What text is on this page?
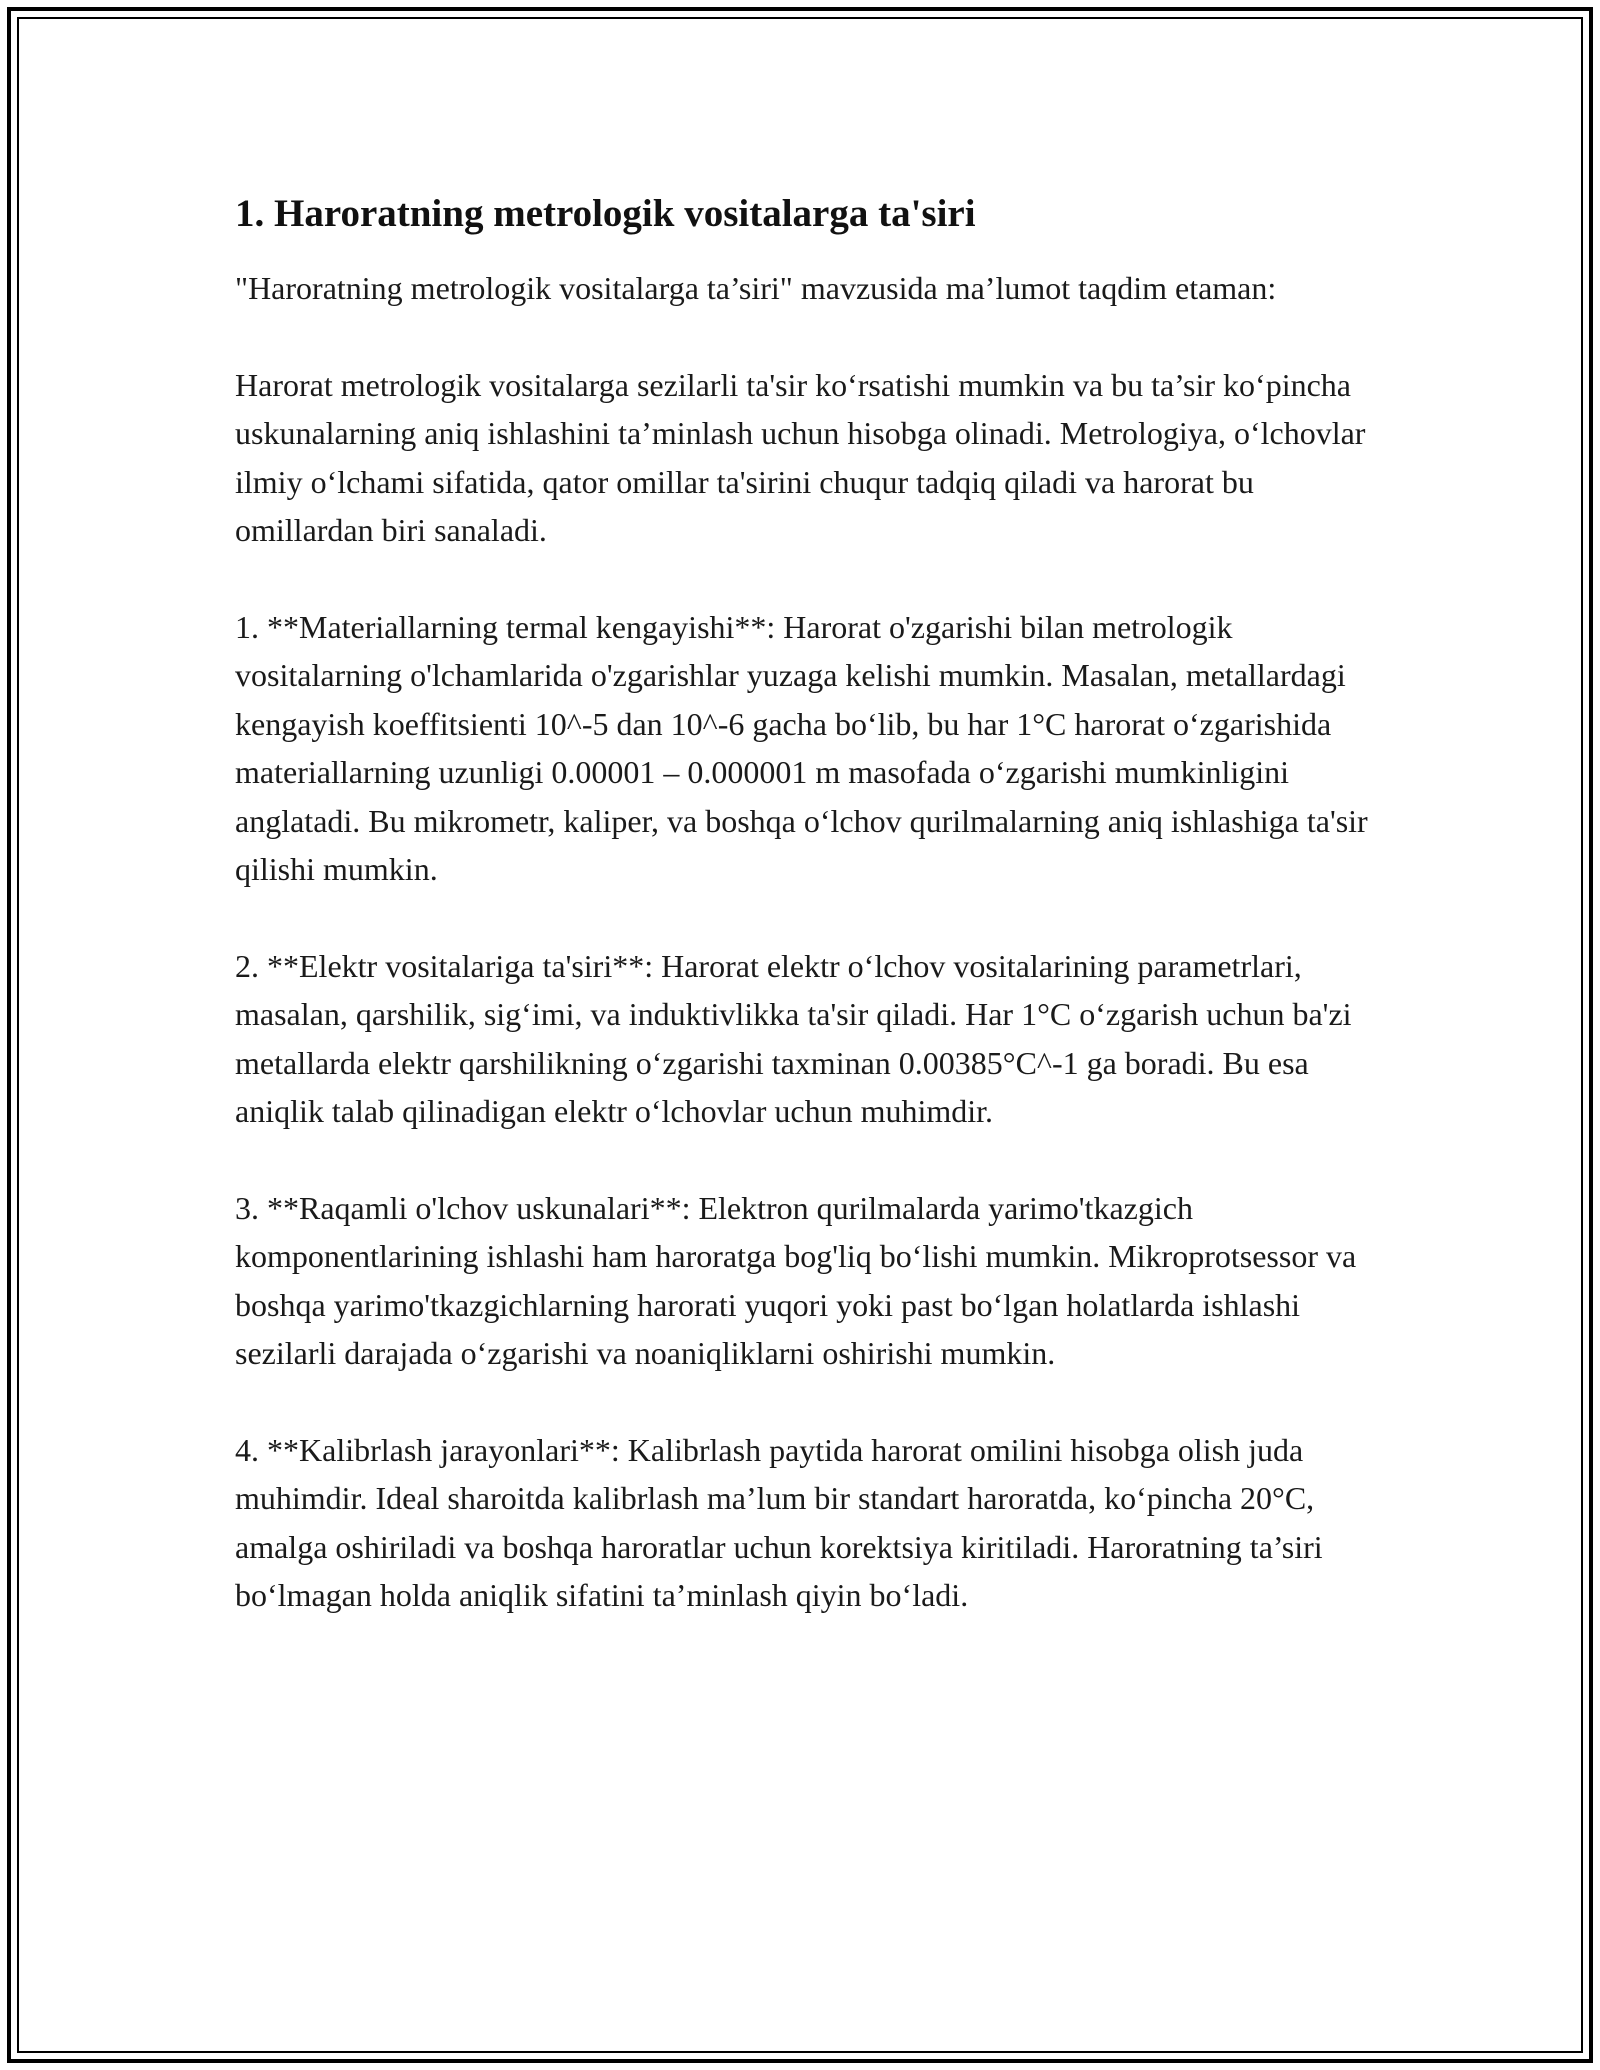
1. Haroratning metrologik vositalarga ta'siri

"Haroratning metrologik vositalarga ta’siri" mavzusida ma’lumot taqdim etaman:

Harorat metrologik vositalarga sezilarli ta'sir ko‘rsatishi mumkin va bu ta’sir ko‘pincha uskunalarning aniq ishlashini ta’minlash uchun hisobga olinadi. Metrologiya, o‘lchovlar ilmiy o‘lchami sifatida, qator omillar ta'sirini chuqur tadqiq qiladi va harorat bu omillardan biri sanaladi.

1. **Materiallarning termal kengayishi**: Harorat o'zgarishi bilan metrologik vositalarning o'lchamlarida o'zgarishlar yuzaga kelishi mumkin. Masalan, metallardagi kengayish koeffitsienti 10^-5 dan 10^-6 gacha bo‘lib, bu har 1°C harorat o‘zgarishida materiallarning uzunligi 0.00001 – 0.000001 m masofada o‘zgarishi mumkinligini anglatadi. Bu mikrometr, kaliper, va boshqa o‘lchov qurilmalarning aniq ishlashiga ta'sir qilishi mumkin.

2. **Elektr vositalariga ta'siri**: Harorat elektr o‘lchov vositalarining parametrlari, masalan, qarshilik, sig‘imi, va induktivlikka ta'sir qiladi. Har 1°C o‘zgarish uchun ba'zi metallarda elektr qarshilikning o‘zgarishi taxminan 0.00385°C^-1 ga boradi. Bu esa aniqlik talab qilinadigan elektr o‘lchovlar uchun muhimdir.

3. **Raqamli o'lchov uskunalari**: Elektron qurilmalarda yarimo'tkazgich komponentlarining ishlashi ham haroratga bog'liq bo‘lishi mumkin. Mikroprotsessor va boshqa yarimo'tkazgichlarning harorati yuqori yoki past bo‘lgan holatlarda ishlashi sezilarli darajada o‘zgarishi va noaniqliklarni oshirishi mumkin.

4. **Kalibrlash jarayonlari**: Kalibrlash paytida harorat omilini hisobga olish juda muhimdir. Ideal sharoitda kalibrlash ma’lum bir standart haroratda, ko‘pincha 20°C, amalga oshiriladi va boshqa haroratlar uchun korektsiya kiritiladi. Haroratning ta’siri bo‘lmagan holda aniqlik sifatini ta’minlash qiyin bo‘ladi.
